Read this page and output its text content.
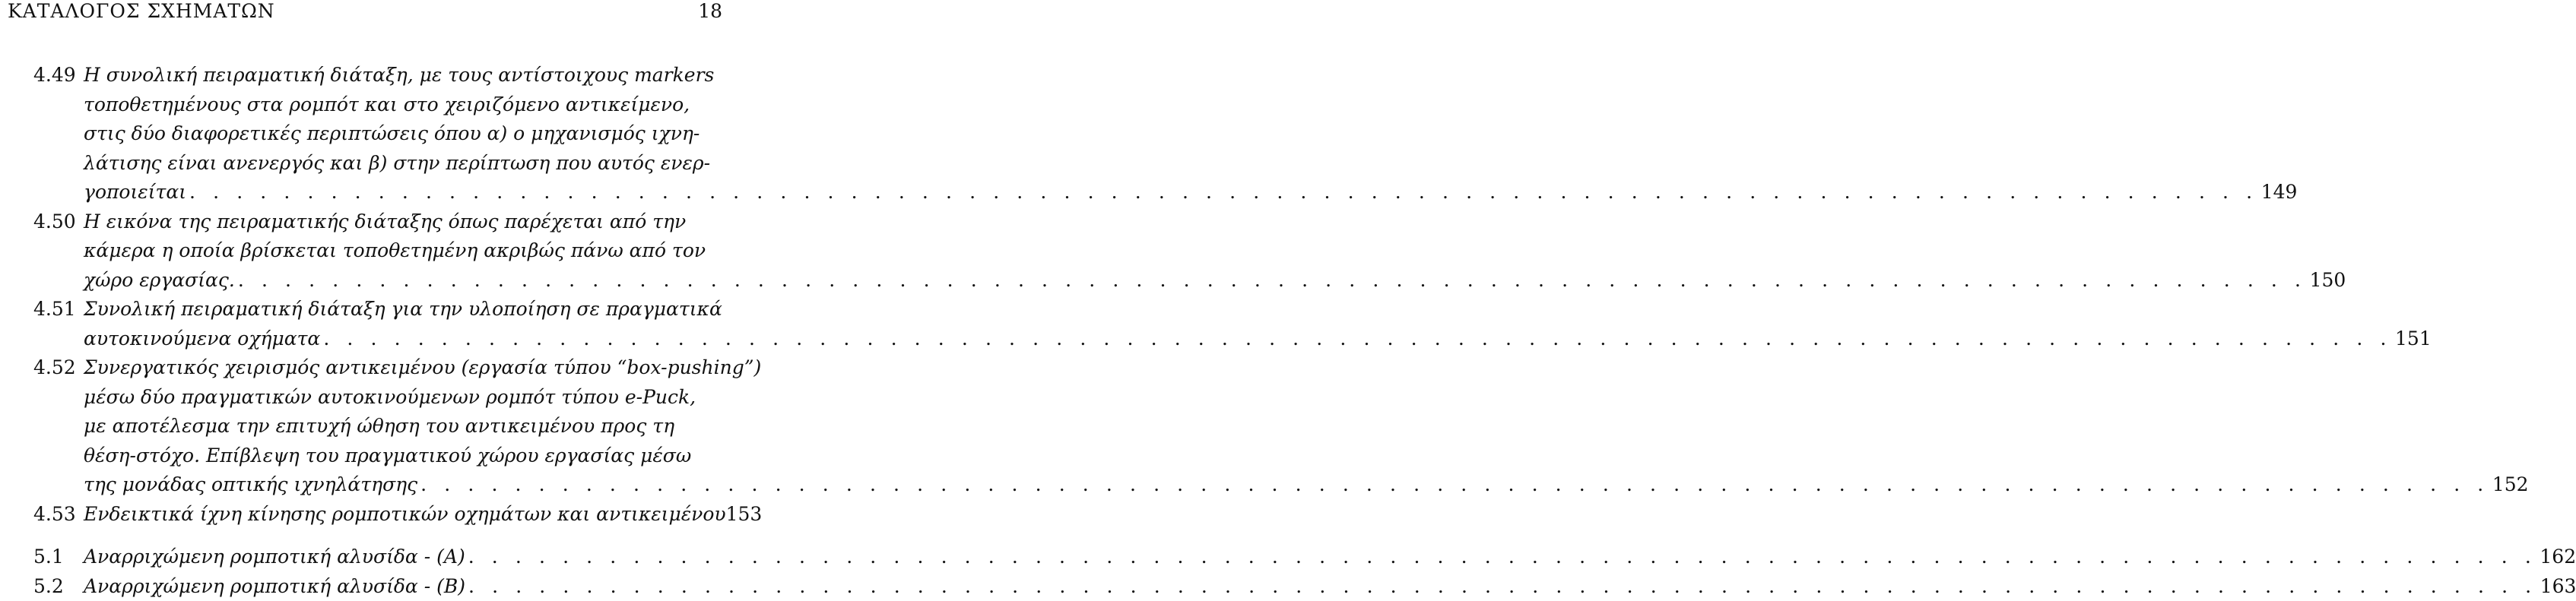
ΚΑΤΑΛΟΓΟΣ ΣΧΗΜΑΤΩΝ	18
4.49 Η συνολική πειραματική διάταξη, με τους αντίστοιχους markers
τοποθετημένους στα ρομπότ και στο χειριζόμενο αντικείμενο,
στις δύο διαφορετικές περιπτώσεις όπου α) ο μηχανισμός ιχνη-
λάτισης είναι ανενεργός και β) στην περίπτωση που αυτός ενερ-
γοποιείται . . .	149
4.50 Η εικόνα της πειραματικής διάταξης όπως παρέχεται από την
κάμερα η οποία βρίσκεται τοποθετημένη ακριβώς πάνω από τον
χώρο εργασίας. . . .	150
4.51 Συνολική πειραματική διάταξη για την υλοποίηση σε πραγματικά
αυτοκινούμενα οχήματα . . .	151
4.52 Συνεργατικός χειρισμός αντικειμένου (εργασία τύπου “box-pushing”)
μέσω δύο πραγματικών αυτοκινούμενων ρομπότ τύπου e-Puck,
με αποτέλεσμα την επιτυχή ώθηση του αντικειμένου προς τη
θέση-στόχο. Επίβλεψη του πραγματικού χώρου εργασίας μέσω
της μονάδας οπτικής ιχνηλάτησης . . .	152
4.53 Ενδεικτικά ίχνη κίνησης ρομποτικών οχημάτων και αντικειμένου 153
5.1	Αναρριχώμενη ρομποτική αλυσίδα - (Α) . . .	162
5.2	Αναρριχώμενη ρομποτική αλυσίδα - (Β) . . .	163
